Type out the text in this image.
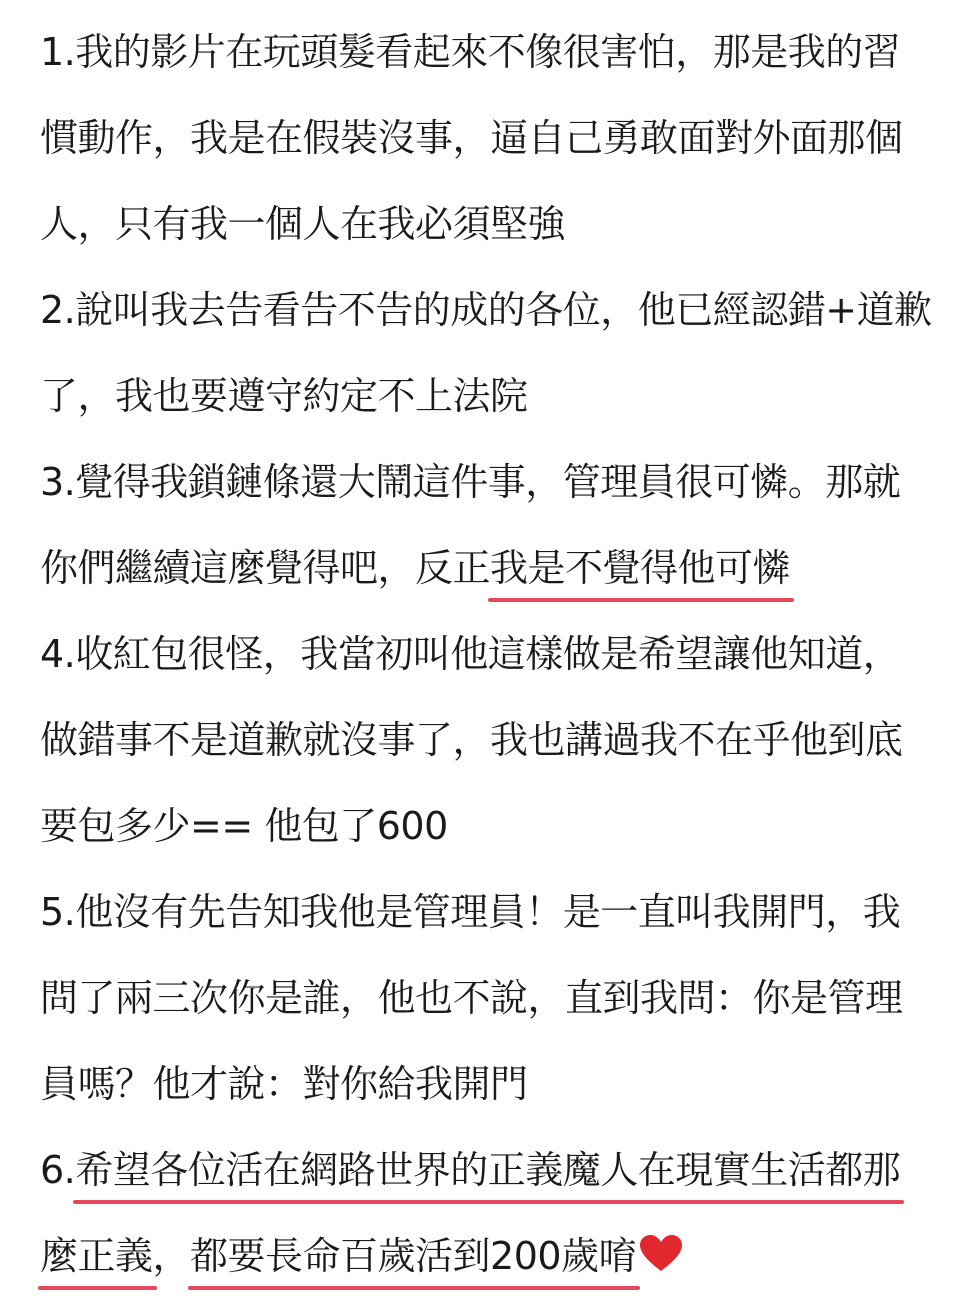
1.我的影片在玩頭髮看起來不像很害怕，那是我的習
慣動作，我是在假裝沒事，逼自己勇敢面對外面那個
人，只有我一個人在我必須堅強
2.說叫我去告看告不告的成的各位，他已經認錯+道歉
了，我也要遵守約定不上法院
3.覺得我鎖鏈條還大鬧這件事，管理員很可憐。那就
你們繼續這麼覺得吧，反正我是不覺得他可憐
4.收紅包很怪，我當初叫他這樣做是希望讓他知道，
做錯事不是道歉就沒事了，我也講過我不在乎他到底
要包多少== 他包了600
5.他沒有先告知我他是管理員！是一直叫我開門，我
問了兩三次你是誰，他也不說，直到我問：你是管理
員嗎？他才說：對你給我開門
6.希望各位活在網路世界的正義魔人在現實生活都那
麼正義，都要長命百歲活到200歲唷
